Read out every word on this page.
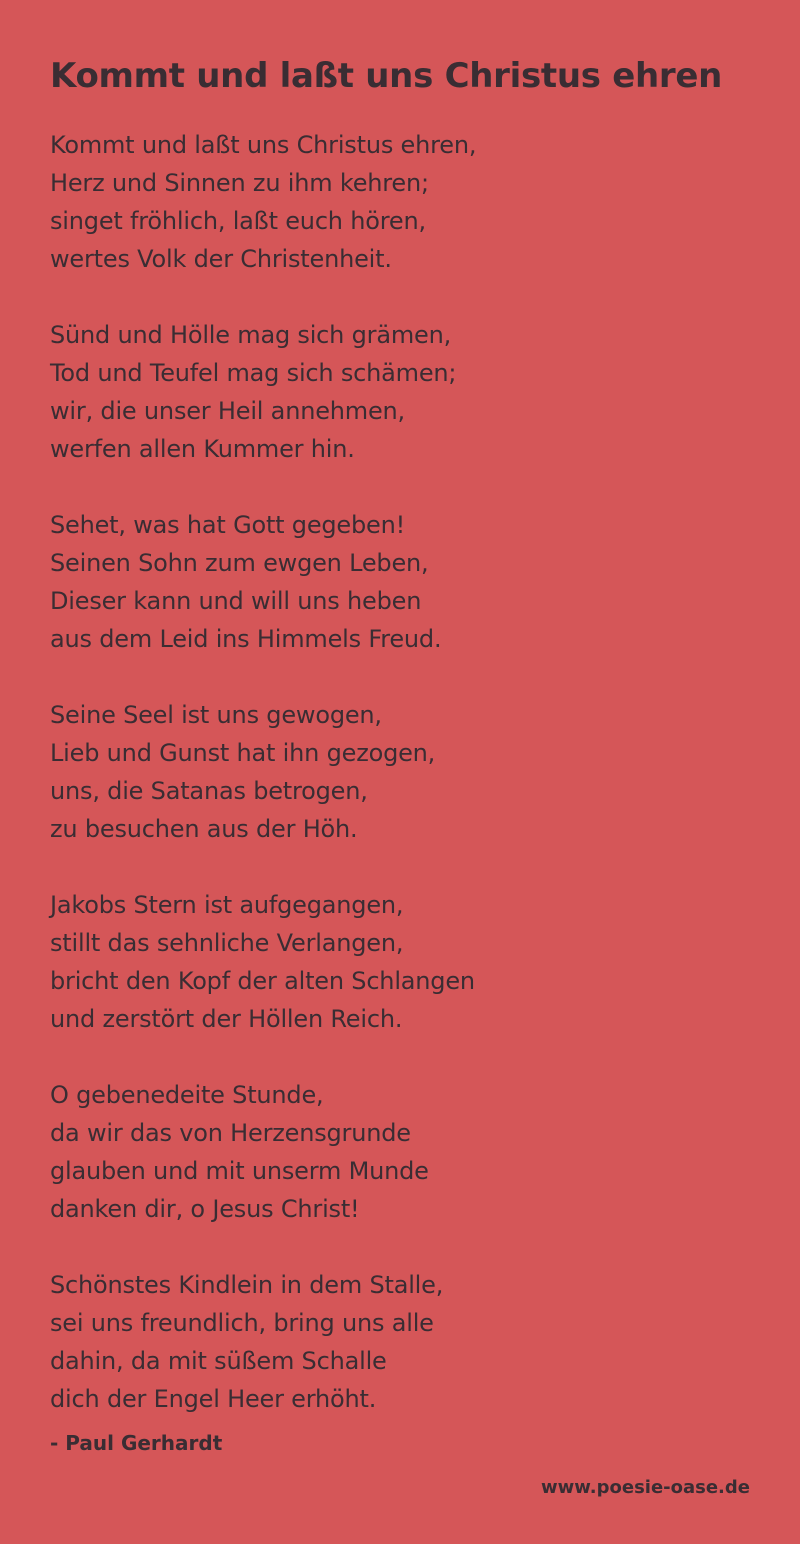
Kommt und laßt uns Christus ehren
Kommt und laßt uns Christus ehren,
Herz und Sinnen zu ihm kehren;
singet fröhlich, laßt euch hören,
wertes Volk der Christenheit.
Sünd und Hölle mag sich grämen,
Tod und Teufel mag sich schämen;
wir, die unser Heil annehmen,
werfen allen Kummer hin.
Sehet, was hat Gott gegeben!
Seinen Sohn zum ewgen Leben,
Dieser kann und will uns heben
aus dem Leid ins Himmels Freud.
Seine Seel ist uns gewogen,
Lieb und Gunst hat ihn gezogen,
uns, die Satanas betrogen,
zu besuchen aus der Höh.
Jakobs Stern ist aufgegangen,
stillt das sehnliche Verlangen,
bricht den Kopf der alten Schlangen
und zerstört der Höllen Reich.
O gebenedeite Stunde,
da wir das von Herzensgrunde
glauben und mit unserm Munde
danken dir, o Jesus Christ!
Schönstes Kindlein in dem Stalle,
sei uns freundlich, bring uns alle
dahin, da mit süßem Schalle
dich der Engel Heer erhöht.
- Paul Gerhardt
www.poesie-oase.de
